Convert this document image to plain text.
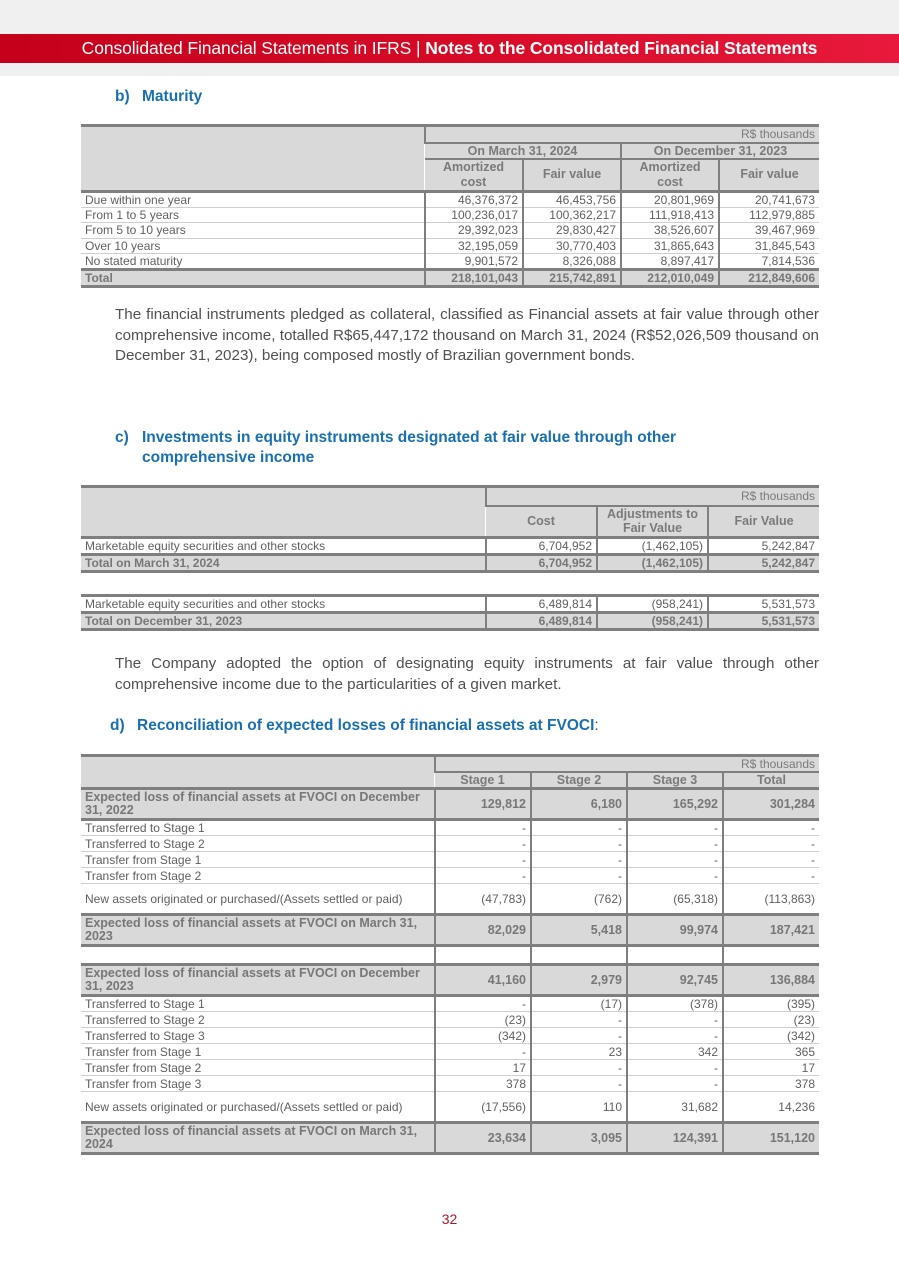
Consolidated Financial Statements in IFRS | Notes to the Consolidated Financial Statements
b) Maturity
	R$ thousands			
	On March 31, 2024		On December 31, 2023	
	Amortized cost	Fair value	Amortized cost	Fair value
Due within one year	46,376,372	46,453,756	20,801,969	20,741,673
From 1 to 5 years	100,236,017	100,362,217	111,918,413	112,979,885
From 5 to 10 years	29,392,023	29,830,427	38,526,607	39,467,969
Over 10 years	32,195,059	30,770,403	31,865,643	31,845,543
No stated maturity	9,901,572	8,326,088	8,897,417	7,814,536
Total	218,101,043	215,742,891	212,010,049	212,849,606

The financial instruments pledged as collateral, classified as Financial assets at fair value through other comprehensive income, totalled R$65,447,172 thousand on March 31, 2024 (R$52,026,509 thousand on December 31, 2023), being composed mostly of Brazilian government bonds.

c) Investments in equity instruments designated at fair value through other
comprehensive income
	R$ thousands		
	Cost	Adjustments to Fair Value	Fair Value
Marketable equity securities and other stocks	6,704,952	(1,462,105)	5,242,847
Total on March 31, 2024	6,704,952	(1,462,105)	5,242,847
Marketable equity securities and other stocks	6,489,814	(958,241)	5,531,573
Total on December 31, 2023	6,489,814	(958,241)	5,531,573

The Company adopted the option of designating equity instruments at fair value through other comprehensive income due to the particularities of a given market.

d) Reconciliation of expected losses of financial assets at FVOCI:
	R$ thousands			
	Stage 1	Stage 2	Stage 3	Total
Expected loss of financial assets at FVOCI on December 31, 2022	129,812	6,180	165,292	301,284
Transferred to Stage 1	-	-	-	-
Transferred to Stage 2	-	-	-	-
Transfer from Stage 1	-	-	-	-
Transfer from Stage 2	-	-	-	-
New assets originated or purchased/(Assets settled or paid)	(47,783)	(762)	(65,318)	(113,863)
Expected loss of financial assets at FVOCI on March 31, 2023	82,029	5,418	99,974	187,421

Expected loss of financial assets at FVOCI on December 31, 2023	41,160	2,979	92,745	136,884
Transferred to Stage 1	-	(17)	(378)	(395)
Transferred to Stage 2	(23)	-	-	(23)
Transferred to Stage 3	(342)	-	-	(342)
Transfer from Stage 1	-	23	342	365
Transfer from Stage 2	17	-	-	17
Transfer from Stage 3	378	-	-	378
New assets originated or purchased/(Assets settled or paid)	(17,556)	110	31,682	14,236
Expected loss of financial assets at FVOCI on March 31, 2024	23,634	3,095	124,391	151,120
32
